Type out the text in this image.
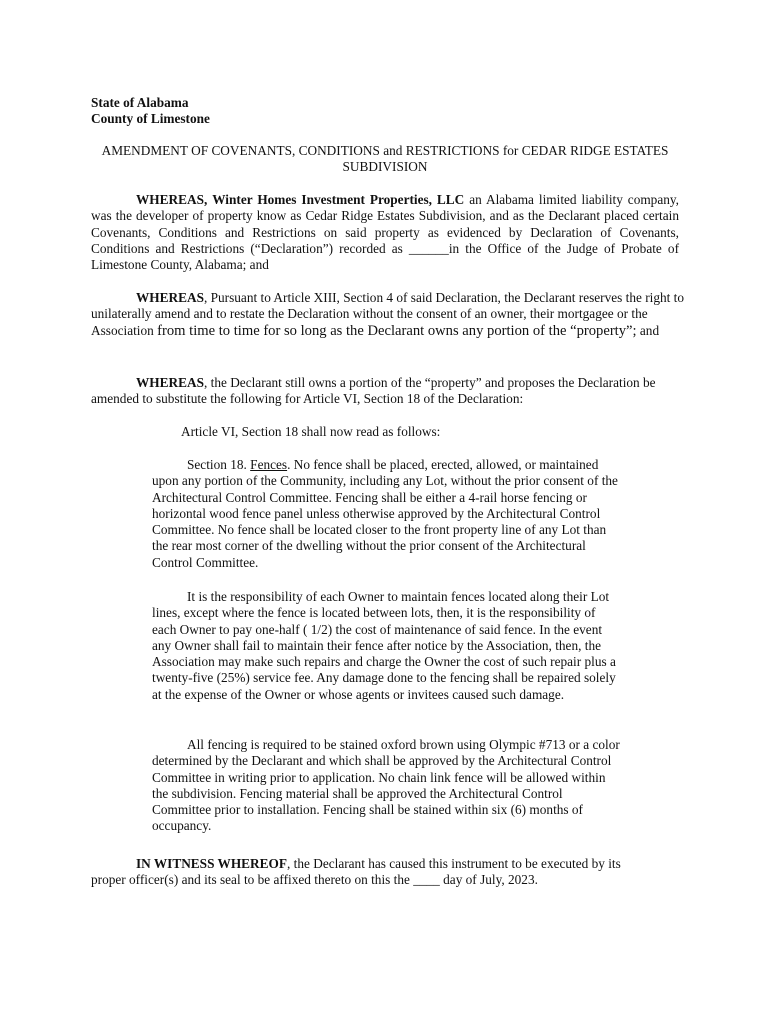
State of Alabama
County of Limestone
AMENDMENT OF COVENANTS, CONDITIONS and RESTRICTIONS for CEDAR RIDGE ESTATES SUBDIVISION
WHEREAS, Winter Homes Investment Properties, LLC an Alabama limited liability company, was the developer of property know as Cedar Ridge Estates Subdivision, and as the Declarant placed certain Covenants, Conditions and Restrictions on said property as evidenced by Declaration of Covenants, Conditions and Restrictions (“Declaration”) recorded as ______in the Office of the Judge of Probate of Limestone County, Alabama; and
WHEREAS, Pursuant to Article XIII, Section 4 of said Declaration, the Declarant reserves the right to unilaterally amend and to restate the Declaration without the consent of an owner, their mortgagee or the Association from time to time for so long as the Declarant owns any portion of the “property”; and
WHEREAS, the Declarant still owns a portion of the “property” and proposes the Declaration be amended to substitute the following for Article VI, Section 18 of the Declaration:
Article VI, Section 18 shall now read as follows:
Section 18. Fences. No fence shall be placed, erected, allowed, or maintained upon any portion of the Community, including any Lot, without the prior consent of the Architectural Control Committee. Fencing shall be either a 4-rail horse fencing or horizontal wood fence panel unless otherwise approved by the Architectural Control Committee. No fence shall be located closer to the front property line of any Lot than the rear most corner of the dwelling without the prior consent of the Architectural Control Committee.
It is the responsibility of each Owner to maintain fences located along their Lot lines, except where the fence is located between lots, then, it is the responsibility of each Owner to pay one-half ( 1/2) the cost of maintenance of said fence. In the event any Owner shall fail to maintain their fence after notice by the Association, then, the Association may make such repairs and charge the Owner the cost of such repair plus a twenty-five (25%) service fee. Any damage done to the fencing shall be repaired solely at the expense of the Owner or whose agents or invitees caused such damage.
All fencing is required to be stained oxford brown using Olympic #713 or a color determined by the Declarant and which shall be approved by the Architectural Control Committee in writing prior to application. No chain link fence will be allowed within the subdivision. Fencing material shall be approved the Architectural Control Committee prior to installation. Fencing shall be stained within six (6) months of occupancy.
IN WITNESS WHEREOF, the Declarant has caused this instrument to be executed by its proper officer(s) and its seal to be affixed thereto on this the ____ day of July, 2023.
